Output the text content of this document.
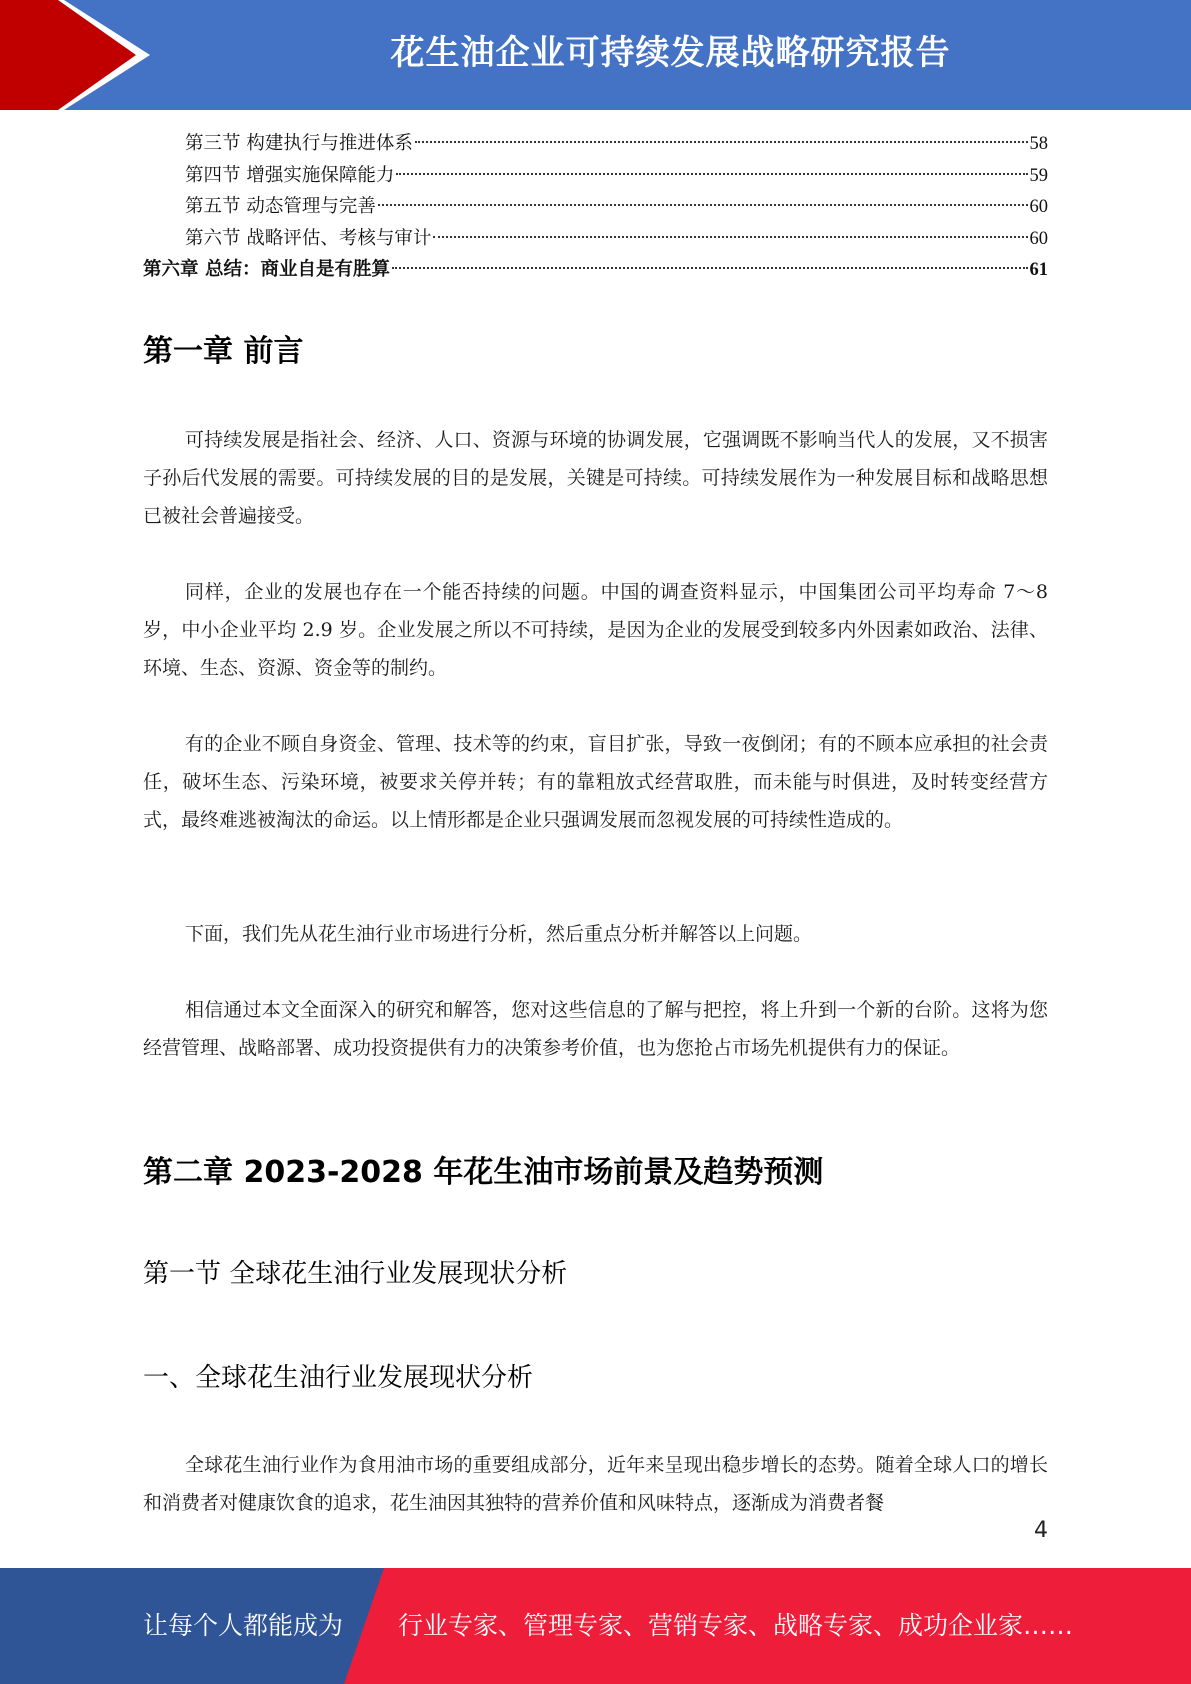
花生油企业可持续发展战略研究报告
第三节 构建执行与推进体系	58
第四节 增强实施保障能力	59
第五节 动态管理与完善	60
第六节 战略评估、考核与审计	60
第六章 总结：商业自是有胜算	61
第一章 前言

可持续发展是指社会、经济、人口、资源与环境的协调发展，它强调既不影响当代人的发展，又不损害子孙后代发展的需要。可持续发展的目的是发展，关键是可持续。可持续发展作为一种发展目标和战略思想已被社会普遍接受。

同样，企业的发展也存在一个能否持续的问题。中国的调查资料显示，中国集团公司平均寿命 7～8 岁，中小企业平均 2.9 岁。企业发展之所以不可持续，是因为企业的发展受到较多内外因素如政治、法律、环境、生态、资源、资金等的制约。

有的企业不顾自身资金、管理、技术等的约束，盲目扩张，导致一夜倒闭；有的不顾本应承担的社会责任，破坏生态、污染环境，被要求关停并转；有的靠粗放式经营取胜，而未能与时俱进，及时转变经营方式，最终难逃被淘汰的命运。以上情形都是企业只强调发展而忽视发展的可持续性造成的。

下面，我们先从花生油行业市场进行分析，然后重点分析并解答以上问题。

相信通过本文全面深入的研究和解答，您对这些信息的了解与把控，将上升到一个新的台阶。这将为您经营管理、战略部署、成功投资提供有力的决策参考价值，也为您抢占市场先机提供有力的保证。

第二章 2023-2028 年花生油市场前景及趋势预测
第一节 全球花生油行业发展现状分析
一、全球花生油行业发展现状分析

全球花生油行业作为食用油市场的重要组成部分，近年来呈现出稳步增长的态势。随着全球人口的增长和消费者对健康饮食的追求，花生油因其独特的营养价值和风味特点，逐渐成为消费者餐

4
让每个人都能成为 行业专家、管理专家、营销专家、战略专家、成功企业家……
